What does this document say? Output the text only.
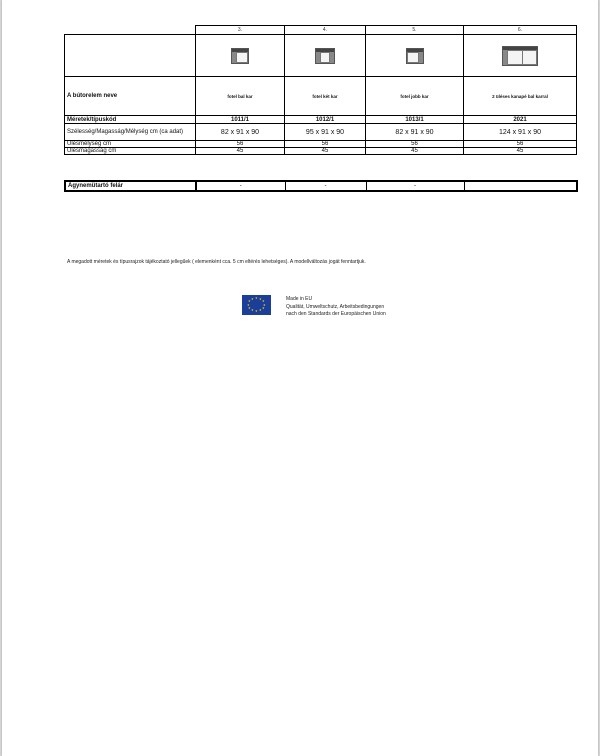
	3.	4.	5.	6.

A bútorelem neve	fotel bal kar	fotel két kar	fotel jobb kar	2 üléses kanapé bal karral
Méretek/típuskód	1011/1	1012/1	1013/1	2021
Szélesség/Magasság/Mélység cm (ca adat)	82 x 91 x 90	95 x 91 x 90	82 x 91 x 90	124 x 91 x 90
Ülésmélység cm	56	56	56	56
Ülésmagasság cm	45	45	45	45
Ágynemütartó felár	-	-	-	
A megadott méretek és típusrajzok tájékoztató jellegűek ( elemenként cca. 5 cm eltérés lehetséges). A modellváltozás jogát fenntartjuk.
★ ★ ★
★
★
★
★
★
★
★
★ ★	Made in EU
Qualität, Umweltschutz, Arbeitsbedingungen
nach den Standards der Europäischen Union
